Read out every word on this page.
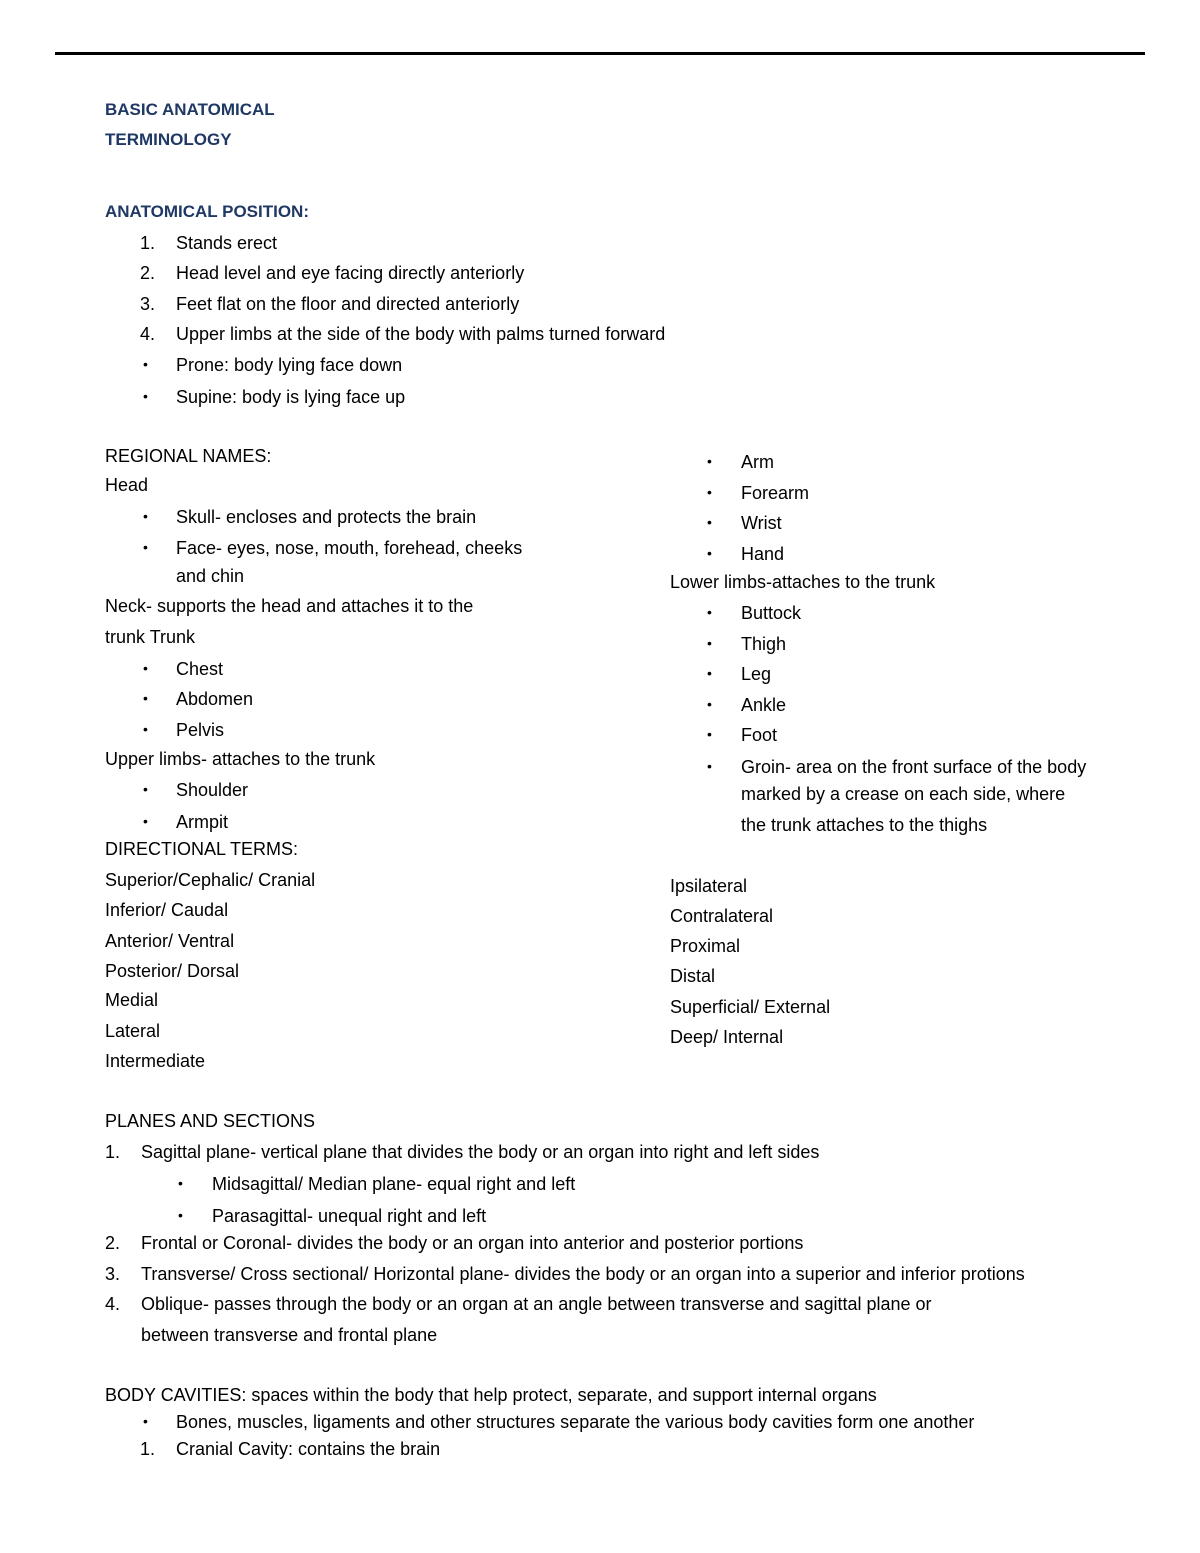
BASIC ANATOMICAL
TERMINOLOGY
ANATOMICAL POSITION:
1. Stands erect
2. Head level and eye facing directly anteriorly
3. Feet flat on the floor and directed anteriorly
4. Upper limbs at the side of the body with palms turned forward
• Prone: body lying face down
• Supine: body is lying face up
REGIONAL NAMES:
Head
• Skull- encloses and protects the brain
• Face- eyes, nose, mouth, forehead, cheeks
and chin
Neck- supports the head and attaches it to the
trunk Trunk
• Chest
• Abdomen
• Pelvis
Upper limbs- attaches to the trunk
• Shoulder
• Armpit
• Arm
• Forearm
• Wrist
• Hand
Lower limbs-attaches to the trunk
• Buttock
• Thigh
• Leg
• Ankle
• Foot
• Groin- area on the front surface of the body
marked by a crease on each side, where
the trunk attaches to the thighs
DIRECTIONAL TERMS:
Superior/Cephalic/ Cranial
Inferior/ Caudal
Anterior/ Ventral
Posterior/ Dorsal
Medial
Lateral
Intermediate
Ipsilateral
Contralateral
Proximal
Distal
Superficial/ External
Deep/ Internal
PLANES AND SECTIONS
1. Sagittal plane- vertical plane that divides the body or an organ into right and left sides
• Midsagittal/ Median plane- equal right and left
• Parasagittal- unequal right and left
2. Frontal or Coronal- divides the body or an organ into anterior and posterior portions
3. Transverse/ Cross sectional/ Horizontal plane- divides the body or an organ into a superior and inferior protions
4. Oblique- passes through the body or an organ at an angle between transverse and sagittal plane or
between transverse and frontal plane
BODY CAVITIES: spaces within the body that help protect, separate, and support internal organs
• Bones, muscles, ligaments and other structures separate the various body cavities form one another
1. Cranial Cavity: contains the brain
